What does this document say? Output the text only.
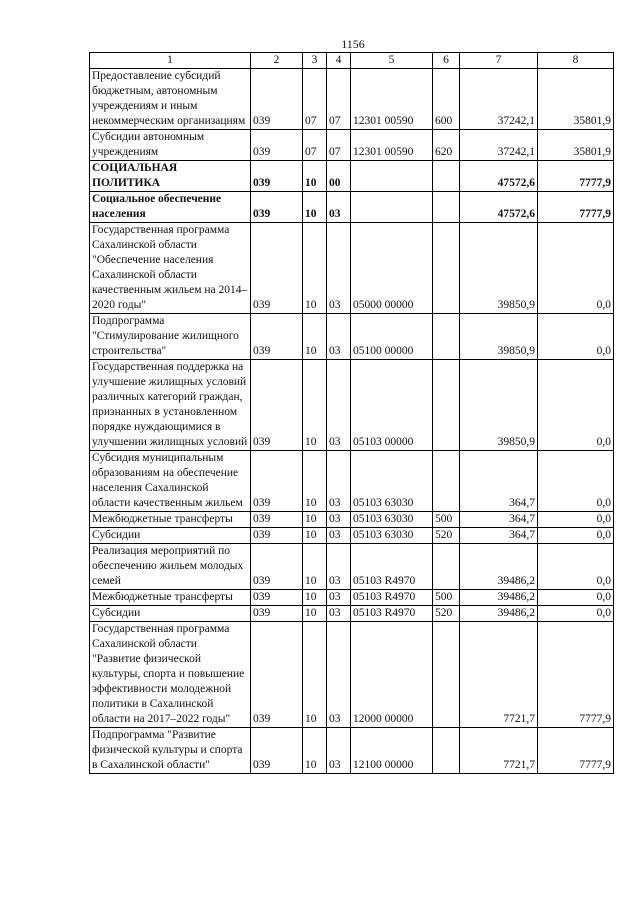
1156
1	2	3	4	5	6	7	8
Предоставление субсидий бюджетным, автономным учреждениям и иным некоммерческим организациям	039	07	07	12301 00590	600	37242,1	35801,9
Субсидии автономным учреждениям	039	07	07	12301 00590	620	37242,1	35801,9
СОЦИАЛЬНАЯ ПОЛИТИКА	039	10	00			47572,6	7777,9
Социальное обеспечение населения	039	10	03			47572,6	7777,9
Государственная программа Сахалинской области "Обеспечение населения Сахалинской области качественным жильем на 2014–2020 годы"	039	10	03	05000 00000		39850,9	0,0
Подпрограмма "Стимулирование жилищного строительства"	039	10	03	05100 00000		39850,9	0,0
Государственная поддержка на улучшение жилищных условий различных категорий граждан, признанных в установленном порядке нуждающимися в улучшении жилищных условий	039	10	03	05103 00000		39850,9	0,0
Субсидия муниципальным образованиям на обеспечение населения Сахалинской области качественным жильем	039	10	03	05103 63030		364,7	0,0
Межбюджетные трансферты	039	10	03	05103 63030	500	364,7	0,0
Субсидии	039	10	03	05103 63030	520	364,7	0,0
Реализация мероприятий по обеспечению жильем молодых семей	039	10	03	05103 R4970		39486,2	0,0
Межбюджетные трансферты	039	10	03	05103 R4970	500	39486,2	0,0
Субсидии	039	10	03	05103 R4970	520	39486,2	0,0
Государственная программа Сахалинской области "Развитие физической культуры, спорта и повышение эффективности молодежной политики в Сахалинской области на 2017–2022 годы"	039	10	03	12000 00000		7721,7	7777,9
Подпрограмма "Развитие физической культуры и спорта в Сахалинской области"	039	10	03	12100 00000		7721,7	7777,9
